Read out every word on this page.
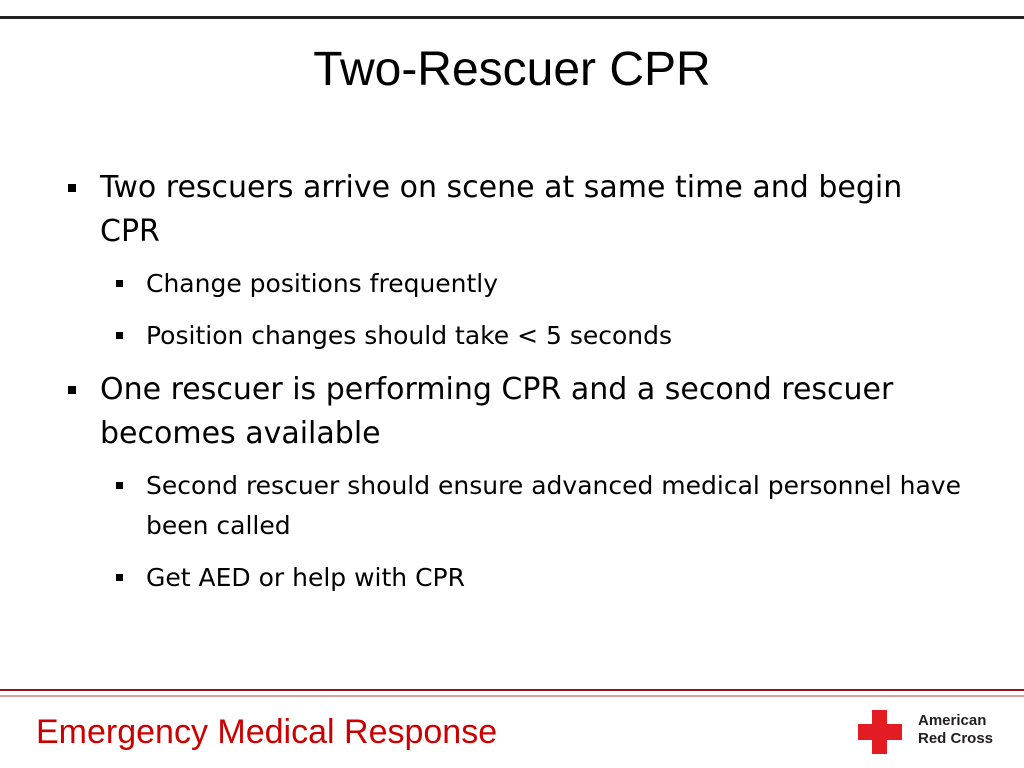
Two-Rescuer CPR
Two rescuers arrive on scene at same time and begin CPR
Change positions frequently
Position changes should take < 5 seconds
One rescuer is performing CPR and a second rescuer becomes available
Second rescuer should ensure advanced medical personnel have been called
Get AED or help with CPR
Emergency Medical Response	American
Red Cross
